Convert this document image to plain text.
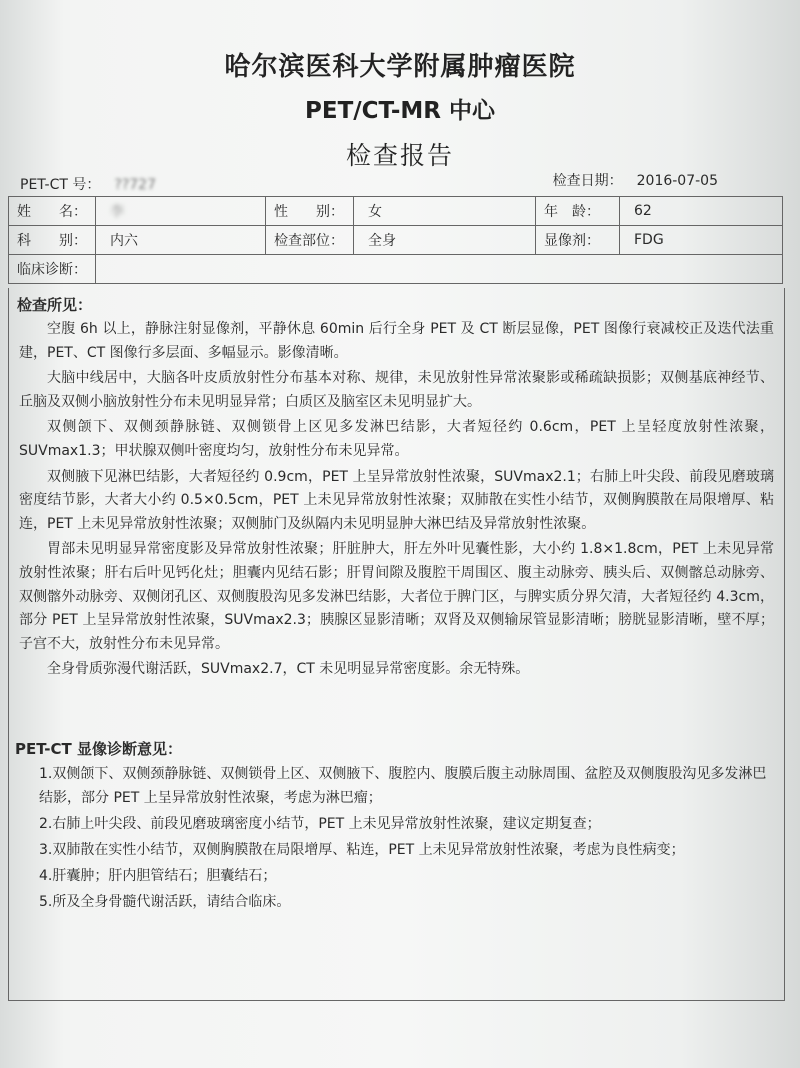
哈尔滨医科大学附属肿瘤医院
PET/CT-MR 中心
检查报告
PET-CT 号： ??727	检查日期： 2016-07-05
姓　　名：	李	性　　别：	女	年　龄：	62
科　　别：	内六	检查部位：	全身	显像剂：	FDG
临床诊断：					
检查所见：

空腹 6h 以上，静脉注射显像剂，平静休息 60min 后行全身 PET 及 CT 断层显像，PET 图像行衰减校正及迭代法重建，PET、CT 图像行多层面、多幅显示。影像清晰。

大脑中线居中，大脑各叶皮质放射性分布基本对称、规律，未见放射性异常浓聚影或稀疏缺损影；双侧基底神经节、丘脑及双侧小脑放射性分布未见明显异常；白质区及脑室区未见明显扩大。

双侧颌下、双侧颈静脉链、双侧锁骨上区见多发淋巴结影，大者短径约 0.6cm，PET 上呈轻度放射性浓聚，SUVmax1.3；甲状腺双侧叶密度均匀，放射性分布未见异常。

双侧腋下见淋巴结影，大者短径约 0.9cm，PET 上呈异常放射性浓聚，SUVmax2.1；右肺上叶尖段、前段见磨玻璃密度结节影，大者大小约 0.5×0.5cm，PET 上未见异常放射性浓聚；双肺散在实性小结节，双侧胸膜散在局限增厚、粘连，PET 上未见异常放射性浓聚；双侧肺门及纵隔内未见明显肿大淋巴结及异常放射性浓聚。

胃部未见明显异常密度影及异常放射性浓聚；肝脏肿大，肝左外叶见囊性影，大小约 1.8×1.8cm，PET 上未见异常放射性浓聚；肝右后叶见钙化灶；胆囊内见结石影；肝胃间隙及腹腔干周围区、腹主动脉旁、胰头后、双侧髂总动脉旁、双侧髂外动脉旁、双侧闭孔区、双侧腹股沟见多发淋巴结影，大者位于脾门区，与脾实质分界欠清，大者短径约 4.3cm，部分 PET 上呈异常放射性浓聚，SUVmax2.3；胰腺区显影清晰；双肾及双侧输尿管显影清晰；膀胱显影清晰，壁不厚；子宫不大，放射性分布未见异常。

全身骨质弥漫代谢活跃，SUVmax2.7，CT 未见明显异常密度影。余无特殊。

PET-CT 显像诊断意见：
1.双侧颌下、双侧颈静脉链、双侧锁骨上区、双侧腋下、腹腔内、腹膜后腹主动脉周围、盆腔及双侧腹股沟见多发淋巴结影，部分 PET 上呈异常放射性浓聚，考虑为淋巴瘤；
2.右肺上叶尖段、前段见磨玻璃密度小结节，PET 上未见异常放射性浓聚，建议定期复查；
3.双肺散在实性小结节，双侧胸膜散在局限增厚、粘连，PET 上未见异常放射性浓聚，考虑为良性病变；
4.肝囊肿；肝内胆管结石；胆囊结石；
5.所及全身骨髓代谢活跃，请结合临床。
